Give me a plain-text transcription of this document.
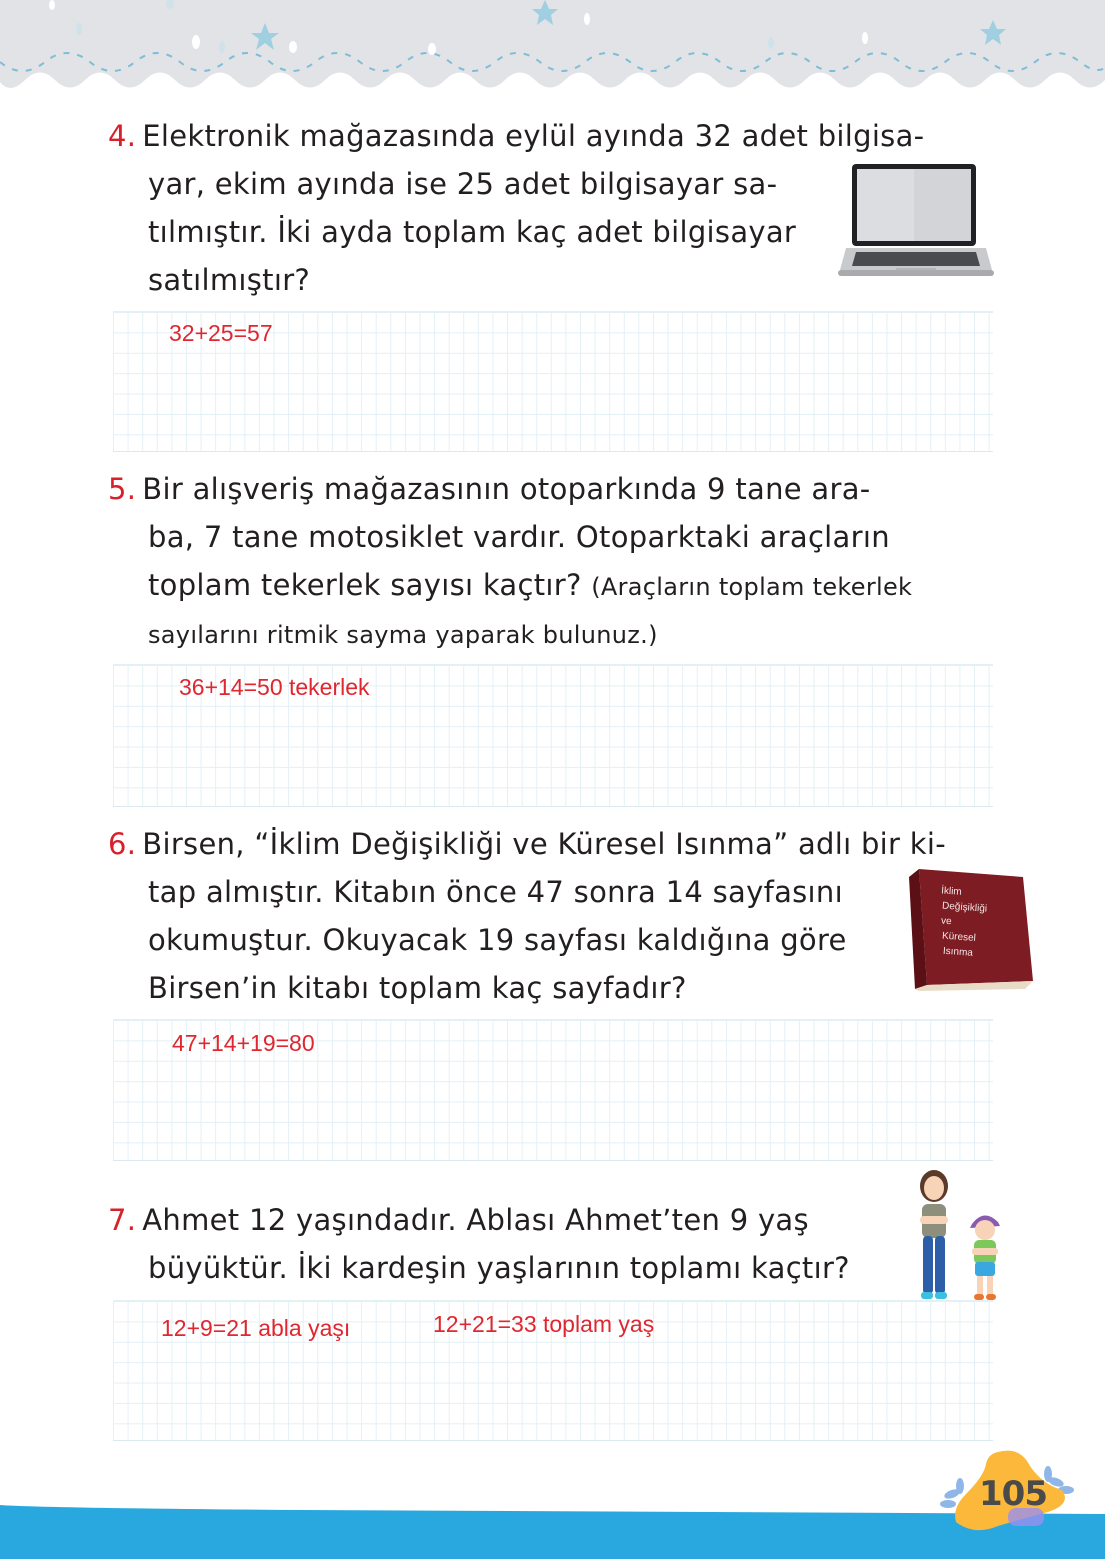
4. Elektronik mağazasında eylül ayında 32 adet bilgisa-
yar, ekim ayında ise 25 adet bilgisayar sa-
tılmıştır. İki ayda toplam kaç adet bilgisayar
satılmıştır?
32+25=57
5. Bir alışveriş mağazasının otoparkında 9 tane ara-
ba, 7 tane motosiklet vardır. Otoparktaki araçların
toplam tekerlek sayısı kaçtır? (Araçların toplam tekerlek
sayılarını ritmik sayma yaparak bulunuz.)
36+14=50 tekerlek
6. Birsen, “İklim Değişikliği ve Küresel Isınma” adlı bir ki-
tap almıştır. Kitabın önce 47 sonra 14 sayfasını
okumuştur. Okuyacak 19 sayfası kaldığına göre
Birsen’in kitabı toplam kaç sayfadır?
İklim
Değişikliği
ve
Küresel
Isınma
47+14+19=80
7. Ahmet 12 yaşındadır. Ablası Ahmet’ten 9 yaş
büyüktür. İki kardeşin yaşlarının toplamı kaçtır?
12+9=21 abla yaşı	12+21=33 toplam yaş
105
